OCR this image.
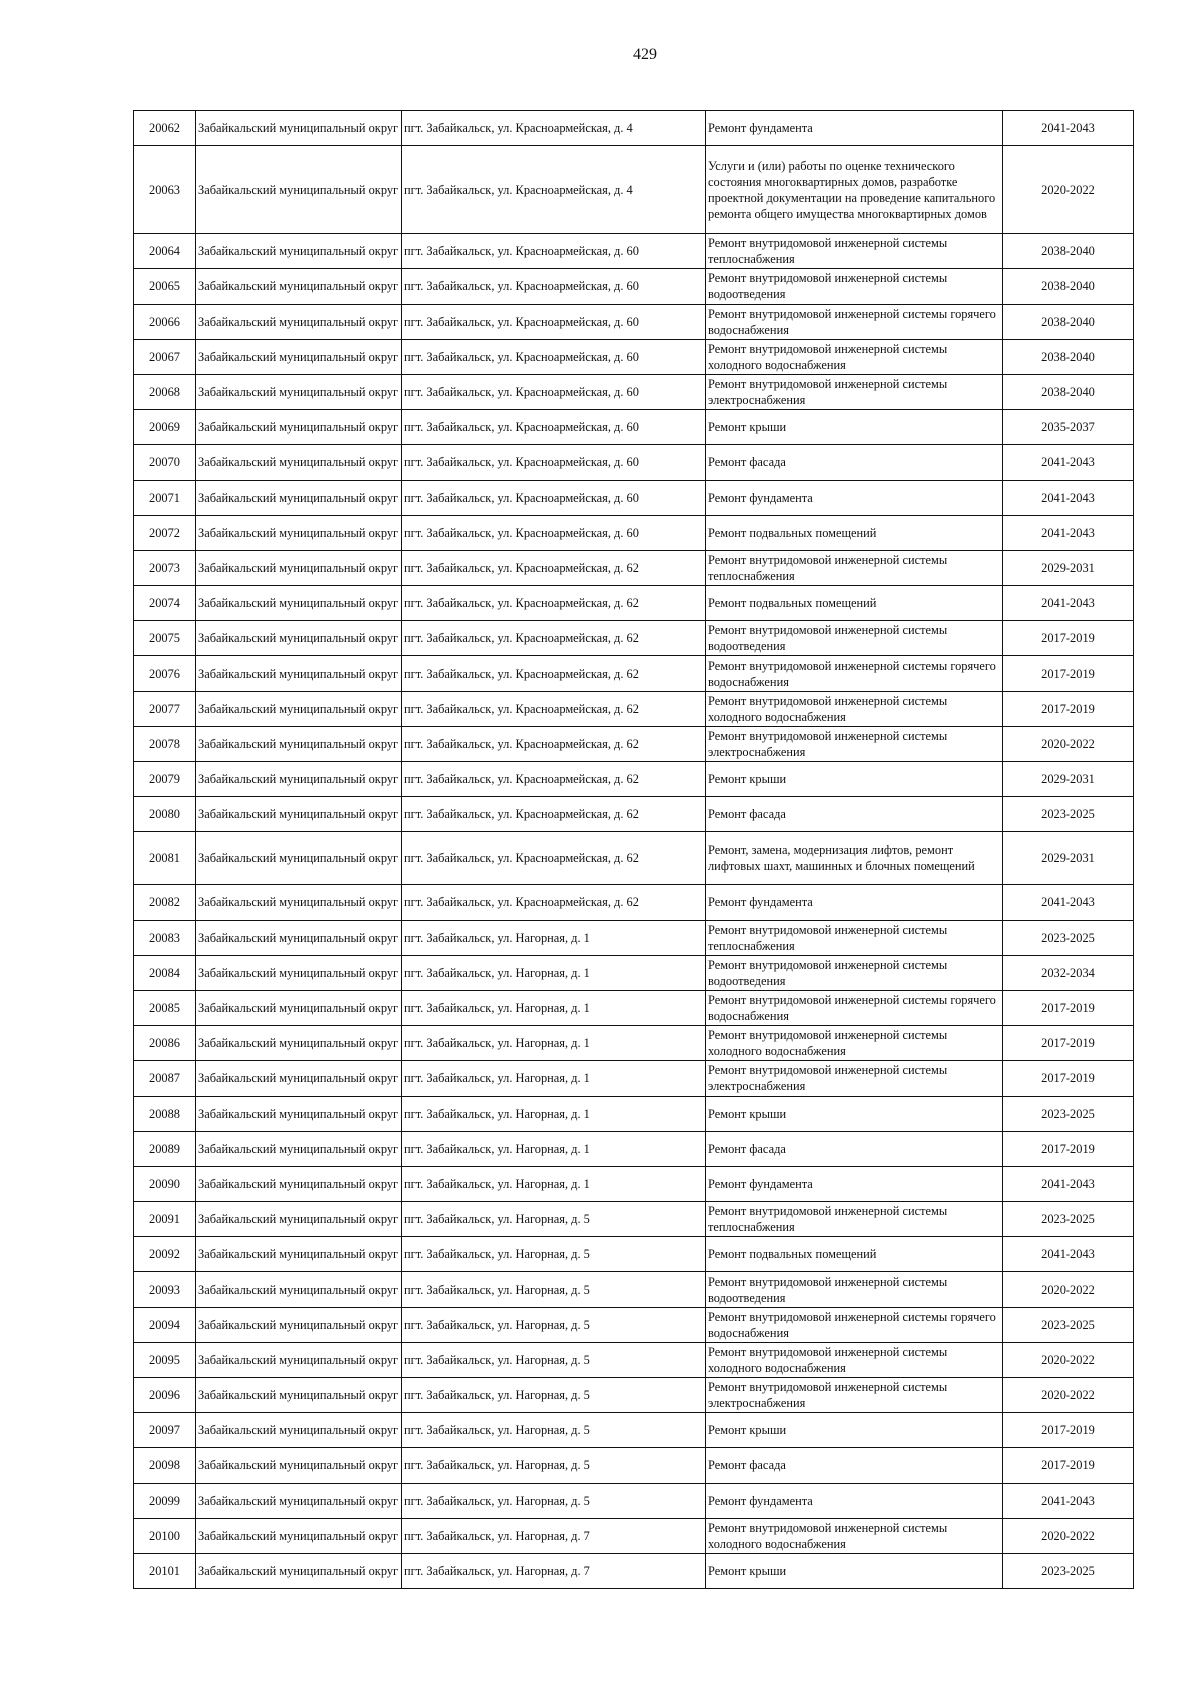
429
20062	Забайкальский муниципальный округ	пгт. Забайкальск, ул. Красноармейская, д. 4	Ремонт фундамента	2041-2043
20063	Забайкальский муниципальный округ	пгт. Забайкальск, ул. Красноармейская, д. 4	Услуги и (или) работы по оценке технического состояния многоквартирных домов, разработке проектной документации на проведение капитального ремонта общего имущества многоквартирных домов	2020-2022
20064	Забайкальский муниципальный округ	пгт. Забайкальск, ул. Красноармейская, д. 60	Ремонт внутридомовой инженерной системы теплоснабжения	2038-2040
20065	Забайкальский муниципальный округ	пгт. Забайкальск, ул. Красноармейская, д. 60	Ремонт внутридомовой инженерной системы водоотведения	2038-2040
20066	Забайкальский муниципальный округ	пгт. Забайкальск, ул. Красноармейская, д. 60	Ремонт внутридомовой инженерной системы горячего водоснабжения	2038-2040
20067	Забайкальский муниципальный округ	пгт. Забайкальск, ул. Красноармейская, д. 60	Ремонт внутридомовой инженерной системы холодного водоснабжения	2038-2040
20068	Забайкальский муниципальный округ	пгт. Забайкальск, ул. Красноармейская, д. 60	Ремонт внутридомовой инженерной системы электроснабжения	2038-2040
20069	Забайкальский муниципальный округ	пгт. Забайкальск, ул. Красноармейская, д. 60	Ремонт крыши	2035-2037
20070	Забайкальский муниципальный округ	пгт. Забайкальск, ул. Красноармейская, д. 60	Ремонт фасада	2041-2043
20071	Забайкальский муниципальный округ	пгт. Забайкальск, ул. Красноармейская, д. 60	Ремонт фундамента	2041-2043
20072	Забайкальский муниципальный округ	пгт. Забайкальск, ул. Красноармейская, д. 60	Ремонт подвальных помещений	2041-2043
20073	Забайкальский муниципальный округ	пгт. Забайкальск, ул. Красноармейская, д. 62	Ремонт внутридомовой инженерной системы теплоснабжения	2029-2031
20074	Забайкальский муниципальный округ	пгт. Забайкальск, ул. Красноармейская, д. 62	Ремонт подвальных помещений	2041-2043
20075	Забайкальский муниципальный округ	пгт. Забайкальск, ул. Красноармейская, д. 62	Ремонт внутридомовой инженерной системы водоотведения	2017-2019
20076	Забайкальский муниципальный округ	пгт. Забайкальск, ул. Красноармейская, д. 62	Ремонт внутридомовой инженерной системы горячего водоснабжения	2017-2019
20077	Забайкальский муниципальный округ	пгт. Забайкальск, ул. Красноармейская, д. 62	Ремонт внутридомовой инженерной системы холодного водоснабжения	2017-2019
20078	Забайкальский муниципальный округ	пгт. Забайкальск, ул. Красноармейская, д. 62	Ремонт внутридомовой инженерной системы электроснабжения	2020-2022
20079	Забайкальский муниципальный округ	пгт. Забайкальск, ул. Красноармейская, д. 62	Ремонт крыши	2029-2031
20080	Забайкальский муниципальный округ	пгт. Забайкальск, ул. Красноармейская, д. 62	Ремонт фасада	2023-2025
20081	Забайкальский муниципальный округ	пгт. Забайкальск, ул. Красноармейская, д. 62	Ремонт, замена, модернизация лифтов, ремонт лифтовых шахт, машинных и блочных помещений	2029-2031
20082	Забайкальский муниципальный округ	пгт. Забайкальск, ул. Красноармейская, д. 62	Ремонт фундамента	2041-2043
20083	Забайкальский муниципальный округ	пгт. Забайкальск, ул. Нагорная, д. 1	Ремонт внутридомовой инженерной системы теплоснабжения	2023-2025
20084	Забайкальский муниципальный округ	пгт. Забайкальск, ул. Нагорная, д. 1	Ремонт внутридомовой инженерной системы водоотведения	2032-2034
20085	Забайкальский муниципальный округ	пгт. Забайкальск, ул. Нагорная, д. 1	Ремонт внутридомовой инженерной системы горячего водоснабжения	2017-2019
20086	Забайкальский муниципальный округ	пгт. Забайкальск, ул. Нагорная, д. 1	Ремонт внутридомовой инженерной системы холодного водоснабжения	2017-2019
20087	Забайкальский муниципальный округ	пгт. Забайкальск, ул. Нагорная, д. 1	Ремонт внутридомовой инженерной системы электроснабжения	2017-2019
20088	Забайкальский муниципальный округ	пгт. Забайкальск, ул. Нагорная, д. 1	Ремонт крыши	2023-2025
20089	Забайкальский муниципальный округ	пгт. Забайкальск, ул. Нагорная, д. 1	Ремонт фасада	2017-2019
20090	Забайкальский муниципальный округ	пгт. Забайкальск, ул. Нагорная, д. 1	Ремонт фундамента	2041-2043
20091	Забайкальский муниципальный округ	пгт. Забайкальск, ул. Нагорная, д. 5	Ремонт внутридомовой инженерной системы теплоснабжения	2023-2025
20092	Забайкальский муниципальный округ	пгт. Забайкальск, ул. Нагорная, д. 5	Ремонт подвальных помещений	2041-2043
20093	Забайкальский муниципальный округ	пгт. Забайкальск, ул. Нагорная, д. 5	Ремонт внутридомовой инженерной системы водоотведения	2020-2022
20094	Забайкальский муниципальный округ	пгт. Забайкальск, ул. Нагорная, д. 5	Ремонт внутридомовой инженерной системы горячего водоснабжения	2023-2025
20095	Забайкальский муниципальный округ	пгт. Забайкальск, ул. Нагорная, д. 5	Ремонт внутридомовой инженерной системы холодного водоснабжения	2020-2022
20096	Забайкальский муниципальный округ	пгт. Забайкальск, ул. Нагорная, д. 5	Ремонт внутридомовой инженерной системы электроснабжения	2020-2022
20097	Забайкальский муниципальный округ	пгт. Забайкальск, ул. Нагорная, д. 5	Ремонт крыши	2017-2019
20098	Забайкальский муниципальный округ	пгт. Забайкальск, ул. Нагорная, д. 5	Ремонт фасада	2017-2019
20099	Забайкальский муниципальный округ	пгт. Забайкальск, ул. Нагорная, д. 5	Ремонт фундамента	2041-2043
20100	Забайкальский муниципальный округ	пгт. Забайкальск, ул. Нагорная, д. 7	Ремонт внутридомовой инженерной системы холодного водоснабжения	2020-2022
20101	Забайкальский муниципальный округ	пгт. Забайкальск, ул. Нагорная, д. 7	Ремонт крыши	2023-2025
